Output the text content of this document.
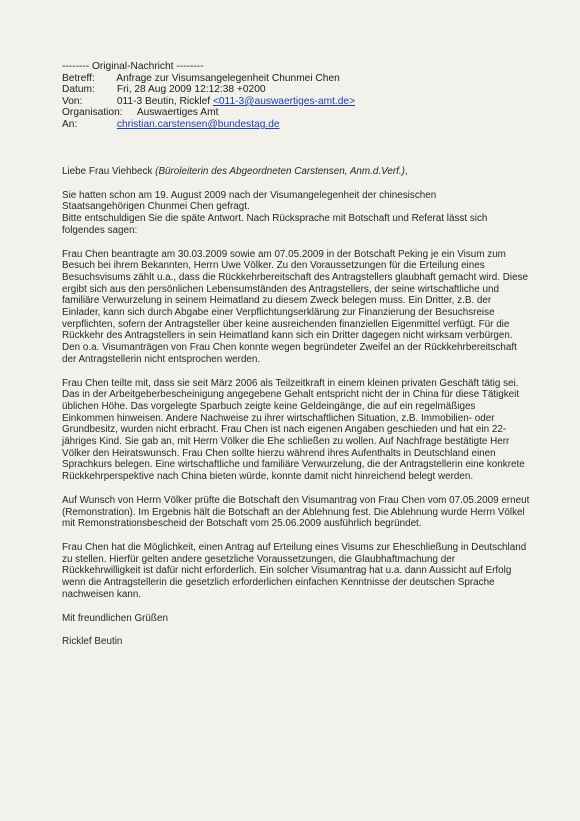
-------- Original-Nachricht --------
Betreff: Anfrage zur Visumsangelegenheit Chunmei Chen
Datum: Fri, 28 Aug 2009 12:12:38 +0200
Von:	011-3 Beutin, Ricklef <011-3@auswaertiges-amt.de>
Organisation: Auswaertiges Amt
An:	christian.carstensen@bundestag.de

Liebe Frau Viehbeck (Büroleiterin des Abgeordneten Carstensen, Anm.d.Verf.),

Sie hatten schon am 19. August 2009 nach der Visumangelegenheit der chinesischen

Staatsangehörigen Chunmei Chen gefragt.

Bitte entschuldigen Sie die späte Antwort. Nach Rücksprache mit Botschaft und Referat lässt sich

folgendes sagen:

Frau Chen beantragte am 30.03.2009 sowie am 07.05.2009 in der Botschaft Peking je ein Visum zum Besuch bei ihrem Bekannten, Herrn Uwe Völker. Zu den Voraussetzungen für die Erteilung eines Besuchsvisums zählt u.a., dass die Rückkehrbereitschaft des Antragstellers glaubhaft gemacht wird. Diese ergibt sich aus den persönlichen Lebensumständen des Antragstellers, der seine wirtschaftliche und familiäre Verwurzelung in seinem Heimatland zu diesem Zweck belegen muss. Ein Dritter, z.B. der Einlader, kann sich durch Abgabe einer Verpflichtungserklärung zur Finanzierung der Besuchsreise verpflichten, sofern der Antragsteller über keine ausreichenden finanziellen Eigenmittel verfügt. Für die Rückkehr des Antragstellers in sein Heimatland kann sich ein Dritter dagegen nicht wirksam verbürgen. Den o.a. Visumanträgen von Frau Chen konnte wegen begründeter Zweifel an der Rückkehrbereitschaft der Antragstellerin nicht entsprochen werden.

Frau Chen teilte mit, dass sie seit März 2006 als Teilzeitkraft in einem kleinen privaten Geschäft tätig sei. Das in der Arbeitgeberbescheinigung angegebene Gehalt entspricht nicht der in China für diese Tätigkeit üblichen Höhe. Das vorgelegte Sparbuch zeigte keine Geldeingänge, die auf ein regelmäßiges Einkommen hinweisen. Andere Nachweise zu ihrer wirtschaftlichen Situation, z.B. Immobilien- oder Grundbesitz, wurden nicht erbracht. Frau Chen ist nach eigenen Angaben geschieden und hat ein 22-jähriges Kind. Sie gab an, mit Herrn Völker die Ehe schließen zu wollen. Auf Nachfrage bestätigte Herr Völker den Heiratswunsch. Frau Chen sollte hierzu während ihres Aufenthalts in Deutschland einen Sprachkurs belegen. Eine wirtschaftliche und familiäre Verwurzelung, die der Antragstellerin eine konkrete Rückkehrperspektive nach China bieten würde, konnte damit nicht hinreichend belegt werden.

Auf Wunsch von Herrn Völker prüfte die Botschaft den Visumantrag von Frau Chen vom 07.05.2009 erneut (Remonstration). Im Ergebnis hält die Botschaft an der Ablehnung fest. Die Ablehnung wurde Herrn Völkel mit Remonstrationsbescheid der Botschaft vom 25.06.2009 ausführlich begründet.

Frau Chen hat die Möglichkeit, einen Antrag auf Erteilung eines Visums zur Eheschließung in Deutschland zu stellen. Hierfür gelten andere gesetzliche Voraussetzungen, die Glaubhaftmachung der Rückkehrwilligkeit ist dafür nicht erforderlich. Ein solcher Visumantrag hat u.a. dann Aussicht auf Erfolg wenn die Antragstellerin die gesetzlich erforderlichen einfachen Kenntnisse der deutschen Sprache nachweisen kann.

Mit freundlichen Grüßen

Ricklef Beutin
